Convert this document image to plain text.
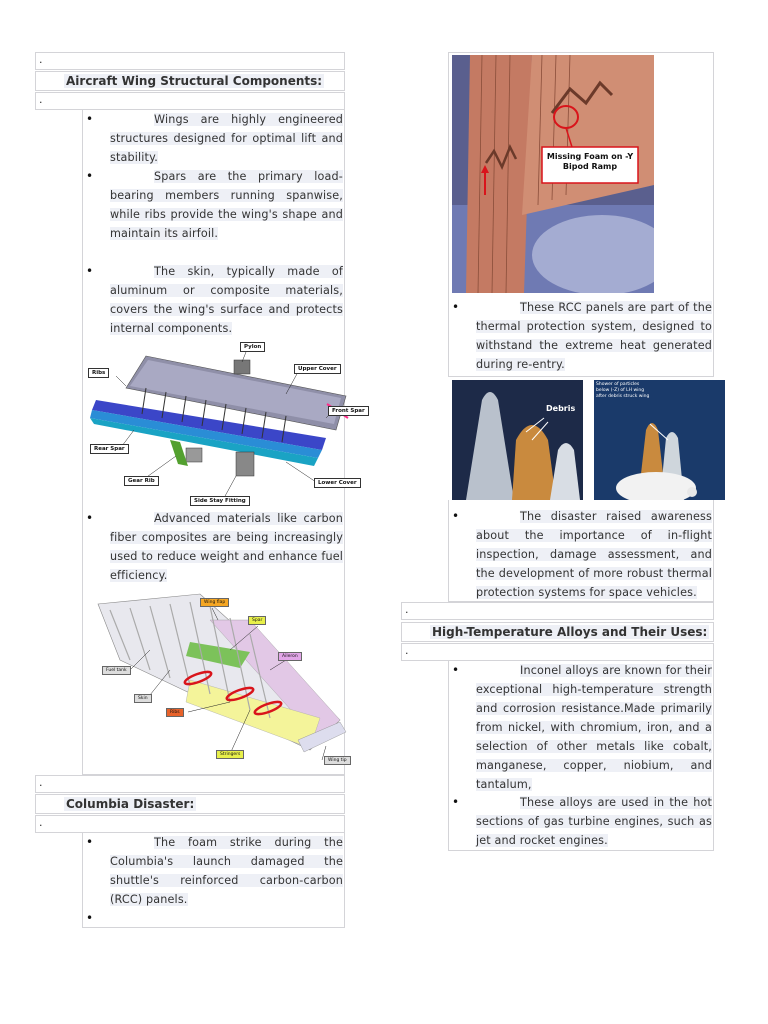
.
Aircraft Wing Structural Components:
.
•	Wings are highly engineered structures designed for optimal lift and stability.
•	Spars are the primary load-bearing members running spanwise, while ribs provide the wing's shape and maintain its airfoil.
•	The skin, typically made of aluminum or composite materials, covers the wing's surface and protects internal components.
Pylon
Ribs
Upper Cover
Front Spar
Rear Spar
Gear Rib	Lower Cover
Side Stay Fitting
•	Advanced materials like carbon fiber composites are being increasingly used to reduce weight and enhance fuel efficiency.
Wing flap
Spar
Aileron
Fuel tank
Skin
Ribs
Stringers
Wing tip
.
Columbia Disaster:
.
•	The foam strike during the Columbia's launch damaged the shuttle's reinforced carbon-carbon (RCC) panels.
•
Missing Foam on -Y Bipod Ramp
•	These RCC panels are part of the thermal protection system, designed to withstand the extreme heat generated during re-entry.
Debris
Shower of particles below (-Z) of LH wing after debris struck wing
•	The disaster raised awareness about the importance of in-flight inspection, damage assessment, and the development of more robust thermal protection systems for space vehicles.
.
High-Temperature Alloys and Their Uses:
.
•	Inconel alloys are known for their exceptional high-temperature strength and corrosion resistance.Made primarily from nickel, with chromium, iron, and a selection of other metals like cobalt, manganese, copper, niobium, and tantalum,
•	These alloys are used in the hot sections of gas turbine engines, such as jet and rocket engines.
